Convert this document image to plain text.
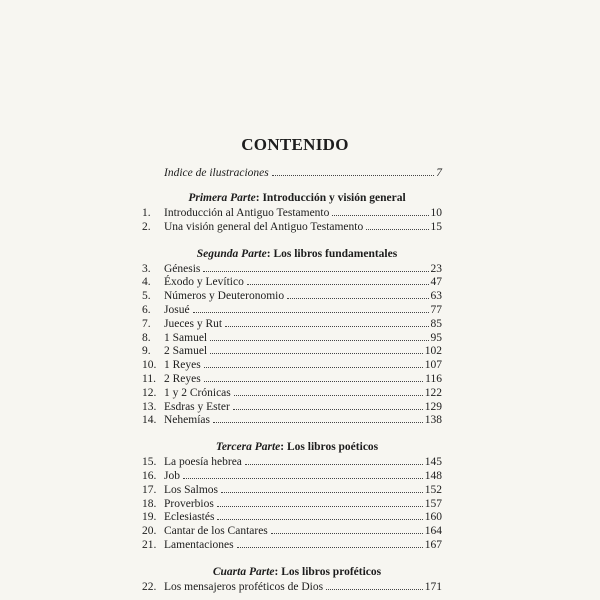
CONTENIDO
Indice de ilustraciones	7
Primera Parte: Introducción y visión general
1.	Introducción al Antiguo Testamento	10
2.	Una visión general del Antiguo Testamento	15
Segunda Parte: Los libros fundamentales
3.	Génesis	23
4.	Éxodo y Levítico	47
5.	Números y Deuteronomio	63
6.	Josué	77
7.	Jueces y Rut	85
8.	1 Samuel	95
9.	2 Samuel	102
10. 1 Reyes	107
11. 2 Reyes	116
12. 1 y 2 Crónicas	122
13. Esdras y Ester	129
14. Nehemías	138
Tercera Parte: Los libros poéticos
15. La poesía hebrea	145
16. Job	148
17. Los Salmos	152
18. Proverbios	157
19. Eclesiastés	160
20. Cantar de los Cantares	164
21. Lamentaciones	167
Cuarta Parte: Los libros proféticos
22. Los mensajeros proféticos de Dios	171
